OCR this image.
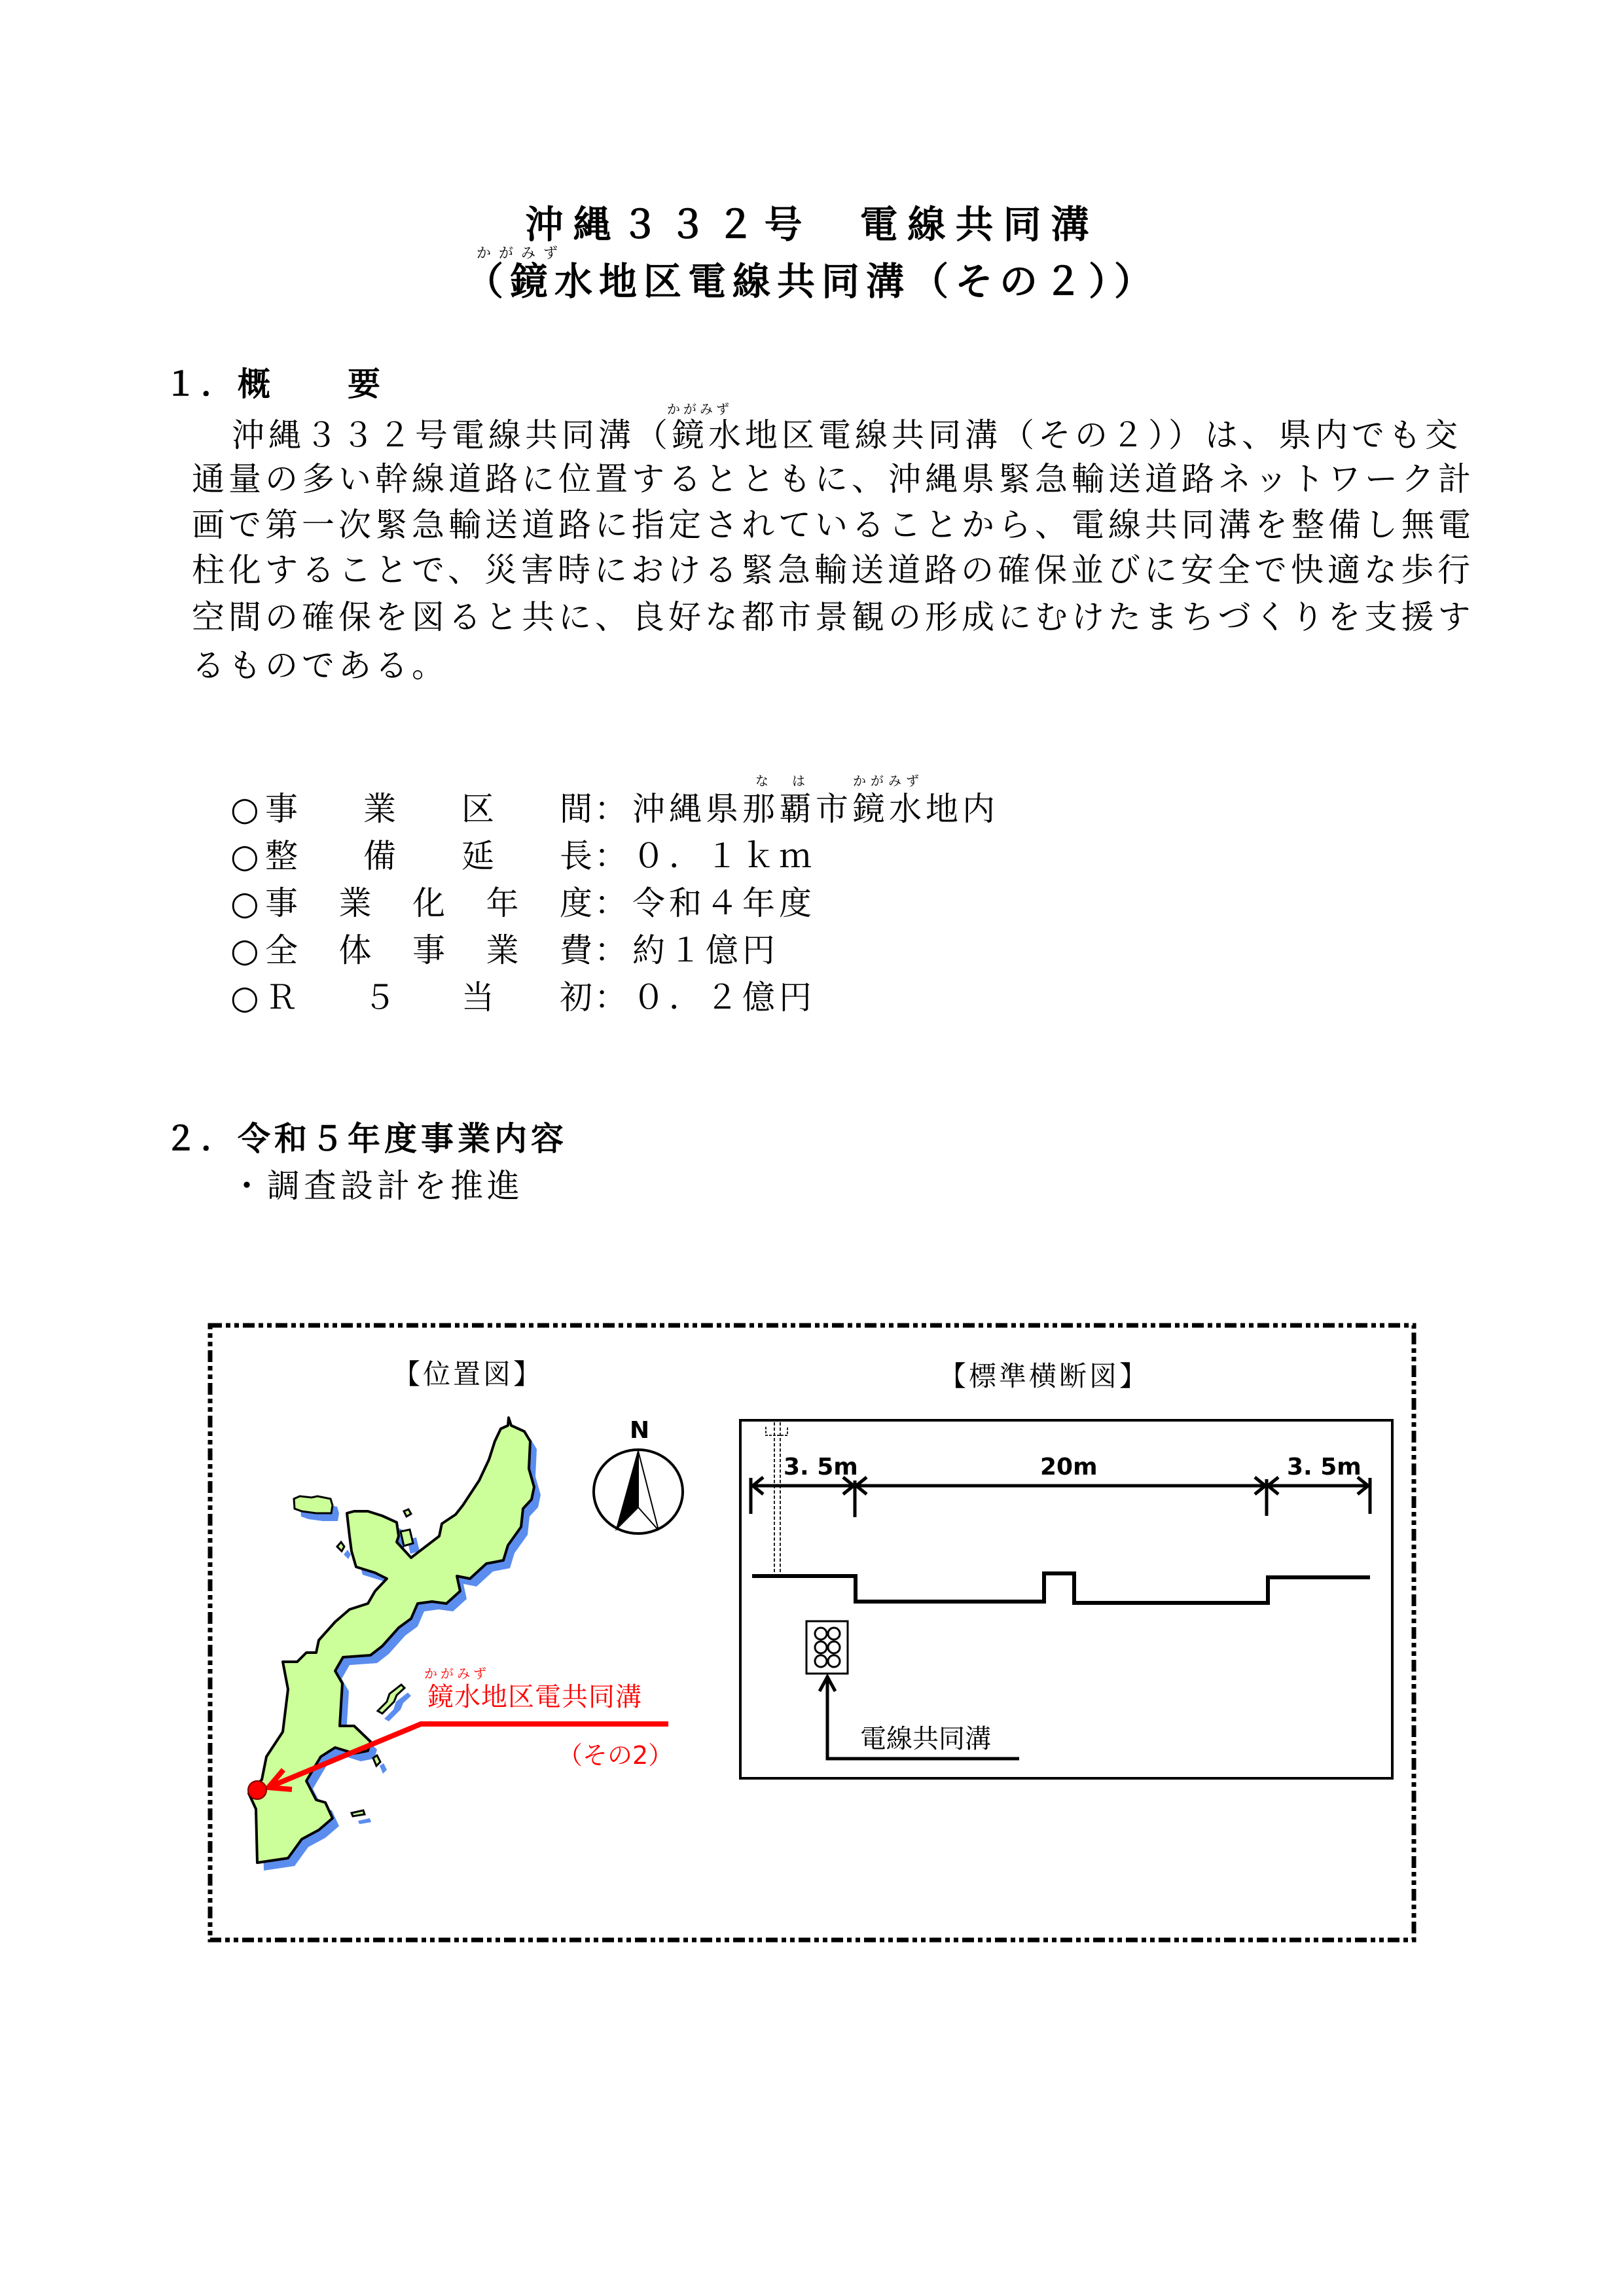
沖縄３３２号　電線共同溝
（鏡水地区電線共同溝（その２））
かがみず
１．概　　要
かがみず
沖縄３３２号電線共同溝（鏡水地区電線共同溝（その２））は、県内でも交
通量の多い幹線道路に位置するとともに、沖縄県緊急輸送道路ネットワーク計
画で第一次緊急輸送道路に指定されていることから、電線共同溝を整備し無電
柱化することで、災害時における緊急輸送道路の確保並びに安全で快適な歩行
空間の確保を図ると共に、良好な都市景観の形成にむけたまちづくりを支援す
るものである。
なは かがみず
○ 事 業 区 間 ： 沖縄県那覇市鏡水地内
○ 整 備 延 長 ： ０．１ｋｍ
○ 事 業 化 年 度 ： 令和４年度
○ 全 体 事 業 費 ： 約１億円
○ Ｒ ５ 当 初 ： ０．２億円
２．令和５年度事業内容
・調査設計を推進
【位置図】	【標準横断図】
N
かがみず
鏡水地区電共同溝
（その2）
3. 5m	20m	3. 5m
電線共同溝
